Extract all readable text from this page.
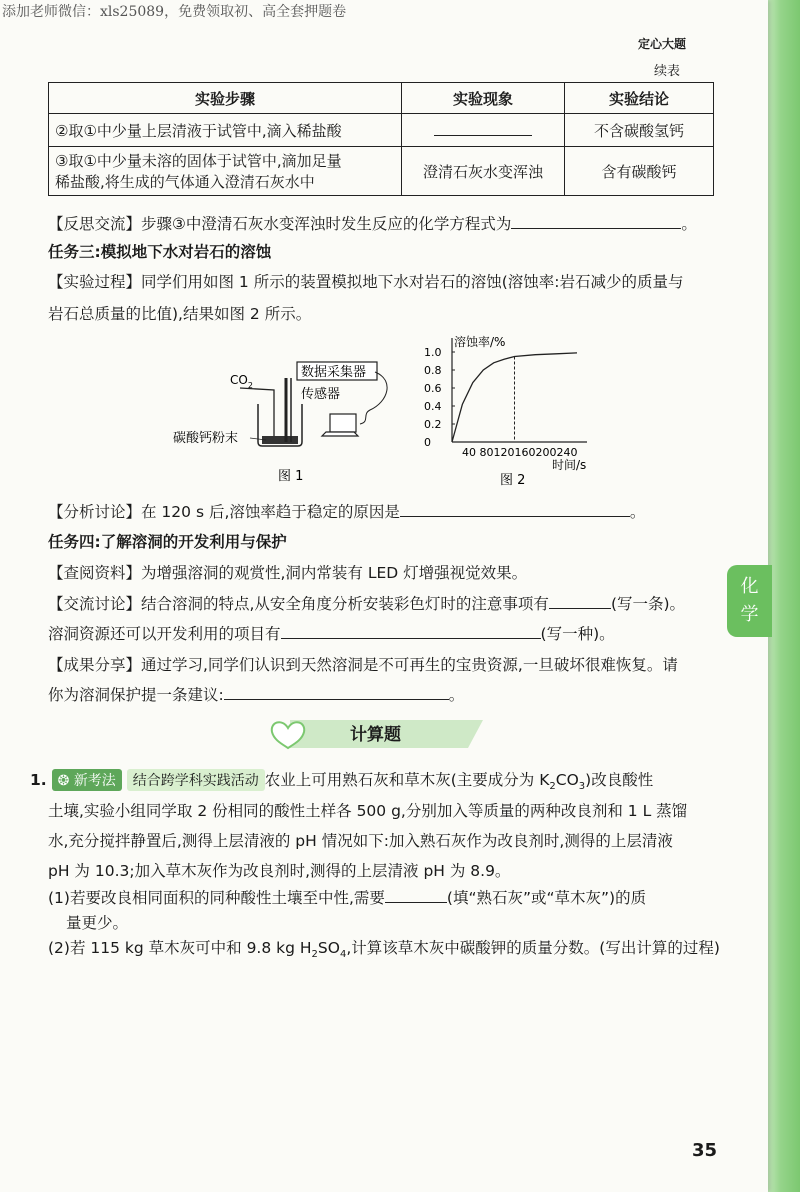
添加老师微信：xls25089，免费领取初、高全套押题卷
定心大题
续表
实验步骤	实验现象	实验结论
②取①中少量上层清液于试管中,滴入稀盐酸		不含碳酸氢钙

③取①中少量未溶的固体于试管中,滴加足量
稀盐酸,将生成的气体通入澄清石灰水中	澄清石灰水变浑浊	含有碳酸钙
【反思交流】步骤③中澄清石灰水变浑浊时发生反应的化学方程式为	。
任务三:模拟地下水对岩石的溶蚀
【实验过程】同学们用如图 1 所示的装置模拟地下水对岩石的溶蚀(溶蚀率:岩石减少的质量与
岩石总质量的比值),结果如图 2 所示。
$CO_2$
数据采集器
传感器
碳酸钙粉末
图 1
溶蚀率/%
40 80120160200240
时间/s
图 2
1.0
0.8
0.6
0.4
0.2
0
【分析讨论】在 120 s 后,溶蚀率趋于稳定的原因是	。
任务四:了解溶洞的开发利用与保护
【查阅资料】为增强溶洞的观赏性,洞内常装有 LED 灯增强视觉效果。
【交流讨论】结合溶洞的特点,从安全角度分析安装彩色灯时的注意事项有	(写一条)。
溶洞资源还可以开发利用的项目有	(写一种)。
【成果分享】通过学习,同学们认识到天然溶洞是不可再生的宝贵资源,一旦破坏很难恢复。请
你为溶洞保护提一条建议:	。
计算题
1. ❂ 新考法 结合跨学科实践活动 农业上可用熟石灰和草木灰(主要成分为 $K_2CO_3$)改良酸性
土壤,实验小组同学取 2 份相同的酸性土样各 500 g,分别加入等质量的两种改良剂和 1 L 蒸馏
水,充分搅拌静置后,测得上层清液的 pH 情况如下:加入熟石灰作为改良剂时,测得的上层清液
pH 为 10.3;加入草木灰作为改良剂时,测得的上层清液 pH 为 8.9。
(1)若要改良相同面积的同种酸性土壤至中性,需要	(填“熟石灰”或“草木灰”)的质
量更少。
(2)若 115 kg 草木灰可中和 9.8 kg $H_2SO_4$,计算该草木灰中碳酸钾的质量分数。(写出计算的过程)
35
化
学
